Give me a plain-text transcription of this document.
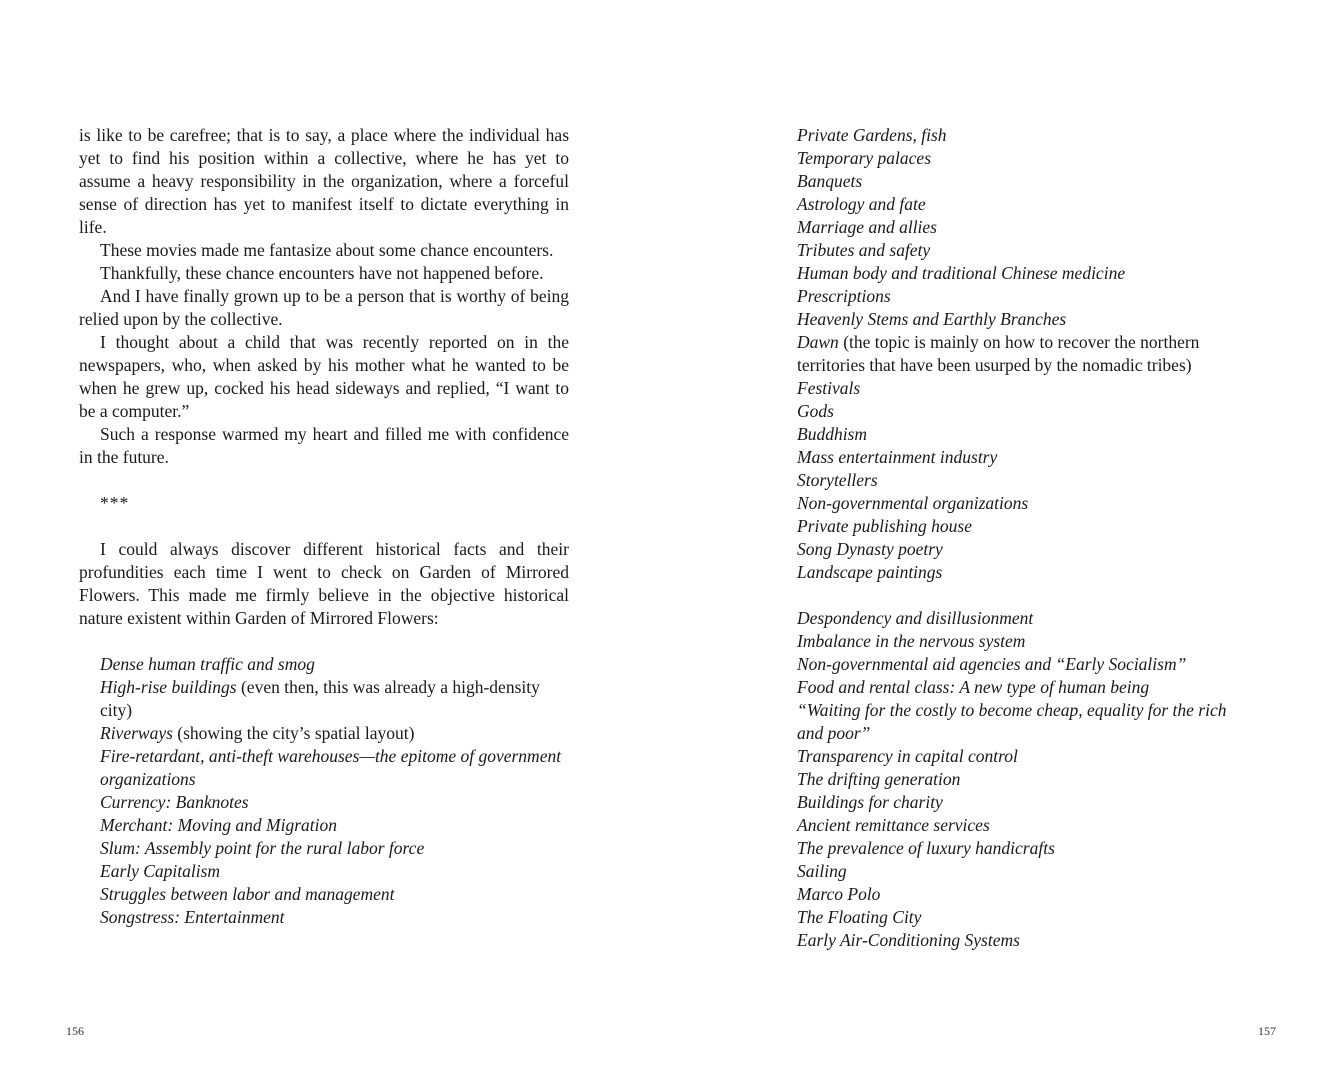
is like to be carefree; that is to say, a place where the individual has yet to find his position within a collective, where he has yet to assume a heavy responsibility in the organization, where a forceful sense of direction has yet to manifest itself to dictate everything in life.

These movies made me fantasize about some chance encounters.

Thankfully, these chance encounters have not happened before.

And I have finally grown up to be a person that is worthy of being relied upon by the collective.

I thought about a child that was recently reported on in the newspapers, who, when asked by his mother what he wanted to be when he grew up, cocked his head sideways and replied, “I want to be a computer.”

Such a response warmed my heart and filled me with confidence in the future.

***

I could always discover different historical facts and their profundities each time I went to check on Garden of Mirrored Flowers. This made me firmly believe in the objective historical nature existent within Garden of Mirrored Flowers:

Dense human traffic and smog

High-rise buildings (even then, this was already a high-density city)

Riverways (showing the city’s spatial layout)

Fire-retardant, anti-theft warehouses—the epitome of government organizations

Currency: Banknotes

Merchant: Moving and Migration

Slum: Assembly point for the rural labor force

Early Capitalism

Struggles between labor and management

Songstress: Entertainment

156

Private Gardens, fish

Temporary palaces

Banquets

Astrology and fate

Marriage and allies

Tributes and safety

Human body and traditional Chinese medicine

Prescriptions

Heavenly Stems and Earthly Branches

Dawn (the topic is mainly on how to recover the northern territories that have been usurped by the nomadic tribes)

Festivals

Gods

Buddhism

Mass entertainment industry

Storytellers

Non-governmental organizations

Private publishing house

Song Dynasty poetry

Landscape paintings

Despondency and disillusionment

Imbalance in the nervous system

Non-governmental aid agencies and “Early Socialism”

Food and rental class: A new type of human being

“Waiting for the costly to become cheap, equality for the rich and poor”

Transparency in capital control

The drifting generation

Buildings for charity

Ancient remittance services

The prevalence of luxury handicrafts

Sailing

Marco Polo

The Floating City

Early Air-Conditioning Systems

157
